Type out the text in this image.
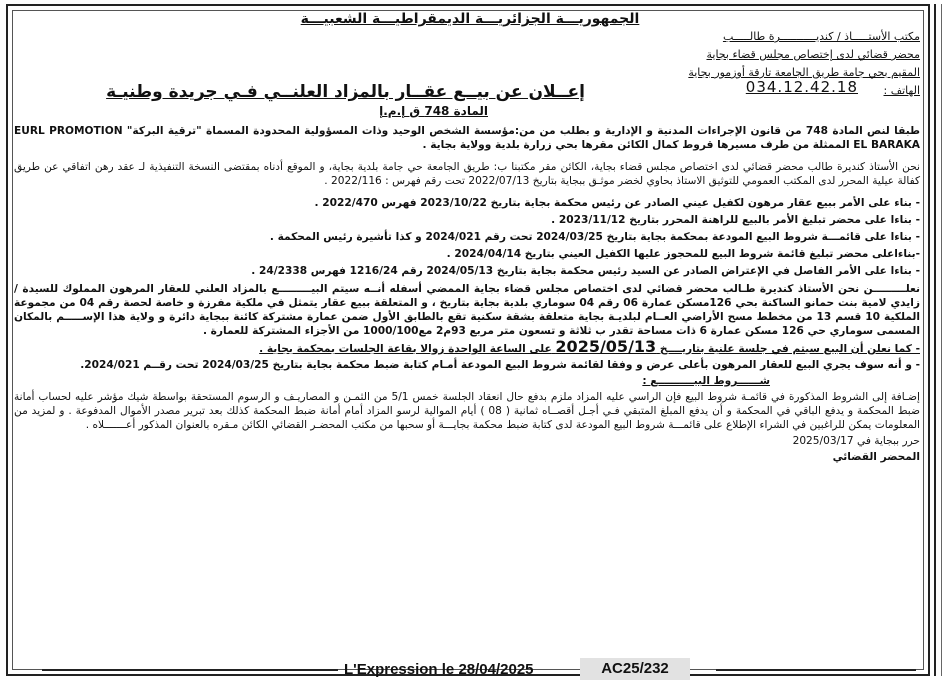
الجمهوريـــة الجزائريـــة الديمقراطيـــة الشعبيـــة
مكتب الأستـــــاذ / كنديـــــــــــرة طالـــــب
محضر قضائي لدى إختصاص مجلس قضاء بجاية
المقيم بحي جامة طريق الجامعة تارقة أوزمور بجاية
الهاتف :
034.12.42.18
إعــلان عن بيــع عقــار بالمزاد العلنــي فـي جريدة وطنيـة
المادة 748 ق إ.م.إ

طبقا لنص المادة 748 من قانون الإجراءات المدنية و الإدارية و بطلب من من:مؤسسة الشخص الوحيد وذات المسؤولية المحدودة المسماة "ترقية البركة" EURL PROMOTION EL BARAKA الممثلة من طرف مسيرها قروط كمال الكائن مقرها بحي زرارة بلدية وولاية بجاية .

نحن الأستاذ كنديرة طالب محضر قضائي لدى اختصاص مجلس قضاء بجاية، الكائن مقر مكتبنا ب: طريق الجامعة حي جامة بلدية بجاية، و الموقع أدناه بمقتضى النسخة التنفيذية لـ عقد رهن اتفاقي عن طريق كفالة عيلية المحرر لدى المكتب العمومي للتوثيق الاستاذ بحاوي لخضر موثـق ببجاية بتاريخ 2022/07/13 تحت رقم فهرس : 2022/116 .

- بناء على الأمر ببيع عقار مرهون لكفيل عيني الصادر عن رئيس محكمة بجاية بتاريخ 2023/10/22 فهرس 2022/470 .

- بناءا على محضر تبليغ الأمر بالبيع للراهنة المحرر بتاريخ 2023/11/12 .

- بناءا على قائمـــة شروط البيع المودعة بمحكمة بجاية بتاريخ 2024/03/25 تحت رقم 2024/021 و كذا تأشيرة رئيس المحكمة .

-بناءاعلى محضر تبليغ قائمة شروط البيع للمحجوز عليها الكفيل العيني بتاريخ 2024/04/14 .

- بناءا على الأمر الفاصل في الإعتراض الصادر عن السيد رئيس محكمة بجاية بتاريخ 2024/05/13 رقم 1216/24 فهرس 24/2338 .

نعلـــــــــن نحن الأستاذ كنديرة طـالب محضر قضائي لدى اختصاص مجلس قضاء بجاية الممضي أسفله أنــه سيتم البيـــــــــع بالمزاد العلني للعقار المرهون المملوك للسيدة / زايدي لامية بنت حمانو الساكنة بحي 126مسكن عمارة 06 رقم 04 سوماري بلدية بجاية بتاريخ ، و المتعلقة ببيع عقار يتمثل في ملكية مفرزة و خاصة لحصة رقم 04 من مجموعة الملكية 10 قسم 13 من مخطط مسح الأراضي العــام لبلديـة بجاية متعلقة بشقة سكنية تقع بالطابق الأول ضمن عمارة مشتركة كائنة ببجاية دائرة و ولاية هذا الإســـــم بالمكان المسمى سوماري حي 126 مسكن عمارة 6 ذات مساحة تقدر ب ثلاثة و تسعون متر مربع 93م2 مع1000/100 من الأجزاء المشتركة للعمارة .

- كما نعلن أن البيع سيتم في جلسة علنية بتاريــــخ 2025/05/13 على الساعة الواحدة زوالا بقاعة الجلسات بمحكمة بجاية .

- و أنه سوف يجري البيع للعقار المرهون بأعلى عرض و وفقا لقائمة شروط البيع المودعة أمـام كتابة ضبط محكمة بجاية بتاريخ 2024/03/25 تحت رقــم 2024/021.

شــــــروط البيــــــــــع :

إضـافة إلى الشروط المذكورة في قائمـة شروط البيع فإن الراسي عليه المزاد ملزم بدفع حال انعقاد الجلسة خمس 5/1 من الثمـن و المصاريـف و الرسوم المستحقة بواسطة شيك مؤشر عليه لحساب أمانة ضبط المحكمة و يدفع الباقي في المحكمة و أن يدفع المبلغ المتبقي فـي أجـل أقصــاه ثمانية ( 08 ) أيام الموالية لرسو المزاد أمام أمانة ضبط المحكمة كذلك بعد تبرير مصدر الأموال المدفوعة . و لمزيد من المعلومات يمكن للراغبين في الشراء الإطلاع على قائمـــة شروط البيع المودعة لدى كتابة ضبط محكمة بجايـــة أو سحبها من مكتب المحضـر القضائي الكائن مـقره بالعنوان المذكور أعـــــــلاه .

حرر ببجاية في 2025/03/17

المحضر القضائي

L'Expression le 28/04/2025	AC25/232
